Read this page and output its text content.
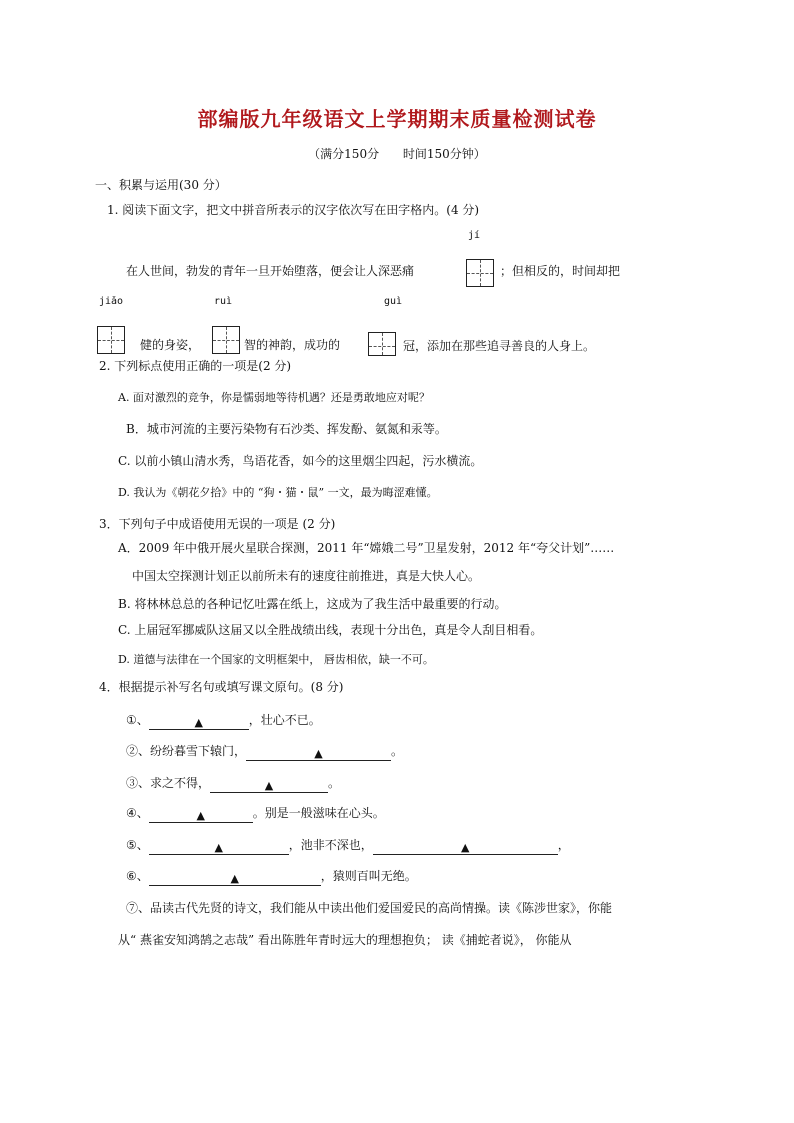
部编版九年级语文上学期期末质量检测试卷
（满分150分 时间150分钟）
一、积累与运用(30 分）
1. 阅读下面文字，把文中拼音所表示的汉字依次写在田字格内。(4 分)
jí
在人世间，勃发的青年一旦开始堕落，便会让人深恶痛	；但相反的，时间却把
jiǎo	ruì	guì
健的身姿，	智的神韵，成功的	冠，添加在那些追寻善良的人身上。
2. 下列标点使用正确的一项是(2 分)
A. 面对激烈的竞争，你是懦弱地等待机遇？还是勇敢地应对呢？
B．城市河流的主要污染物有石沙类、挥发酚、氨氮和汞等。
C. 以前小镇山清水秀，鸟语花香，如今的这里烟尘四起，污水横流。
D. 我认为《朝花夕拾》中的 “狗・猫・鼠” 一文，最为晦涩难懂。
3．下列句子中成语使用无误的一项是 (2 分)
A．2009 年中俄开展火星联合探测，2011 年“嫦娥二号”卫星发射，2012 年“夸父计划”……
中国太空探测计划正以前所未有的速度往前推进，真是大快人心。
B. 将林林总总的各种记忆吐露在纸上，这成为了我生活中最重要的行动。
C. 上届冠军挪威队这届又以全胜战绩出线，表现十分出色，真是令人刮目相看。
D. 道德与法律在一个国家的文明框架中， 唇齿相依，缺一不可。
4．根据提示补写名句或填写课文原句。(8 分)
①、	▲	，壮心不已。
②、纷纷暮雪下辕门，	▲	。
③、求之不得，	▲	。
④、	▲	。别是一般滋味在心头。
⑤、	▲	，池非不深也，	▲	，
⑥、	▲	，猿则百叫无绝。
⑦、品读古代先贤的诗文，我们能从中读出他们爱国爱民的高尚情操。读《陈涉世家》，你能
从“ 燕雀安知鸿鹄之志哉” 看出陈胜年青时远大的理想抱负； 读《捕蛇者说》， 你能从
